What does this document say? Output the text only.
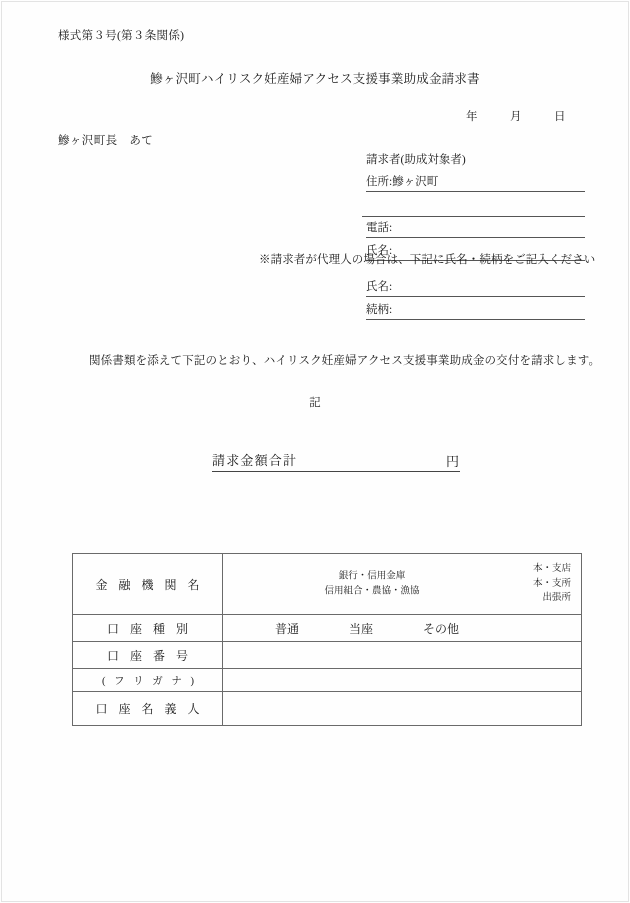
様式第３号(第３条関係)
鰺ヶ沢町ハイリスク妊産婦アクセス支援事業助成金請求書
年	月	日
鰺ヶ沢町長　あて
請求者(助成対象者)
住所:鰺ヶ沢町
電話:
氏名:
※請求者が代理人の場合は、下記に氏名・続柄をご記入ください
氏名:
続柄:
関係書類を添えて下記のとおり、ハイリスク妊産婦アクセス支援事業助成金の交付を請求します。
記
請求金額合計	円
金 融 機 関 名	銀行・信用金庫
信用組合・農協・漁協
本・支店
本・支所
出張所

口 座 種 別	普通 当座 その他

口 座 番 号	
( フ リ ガ ナ )	
口 座 名 義 人	
